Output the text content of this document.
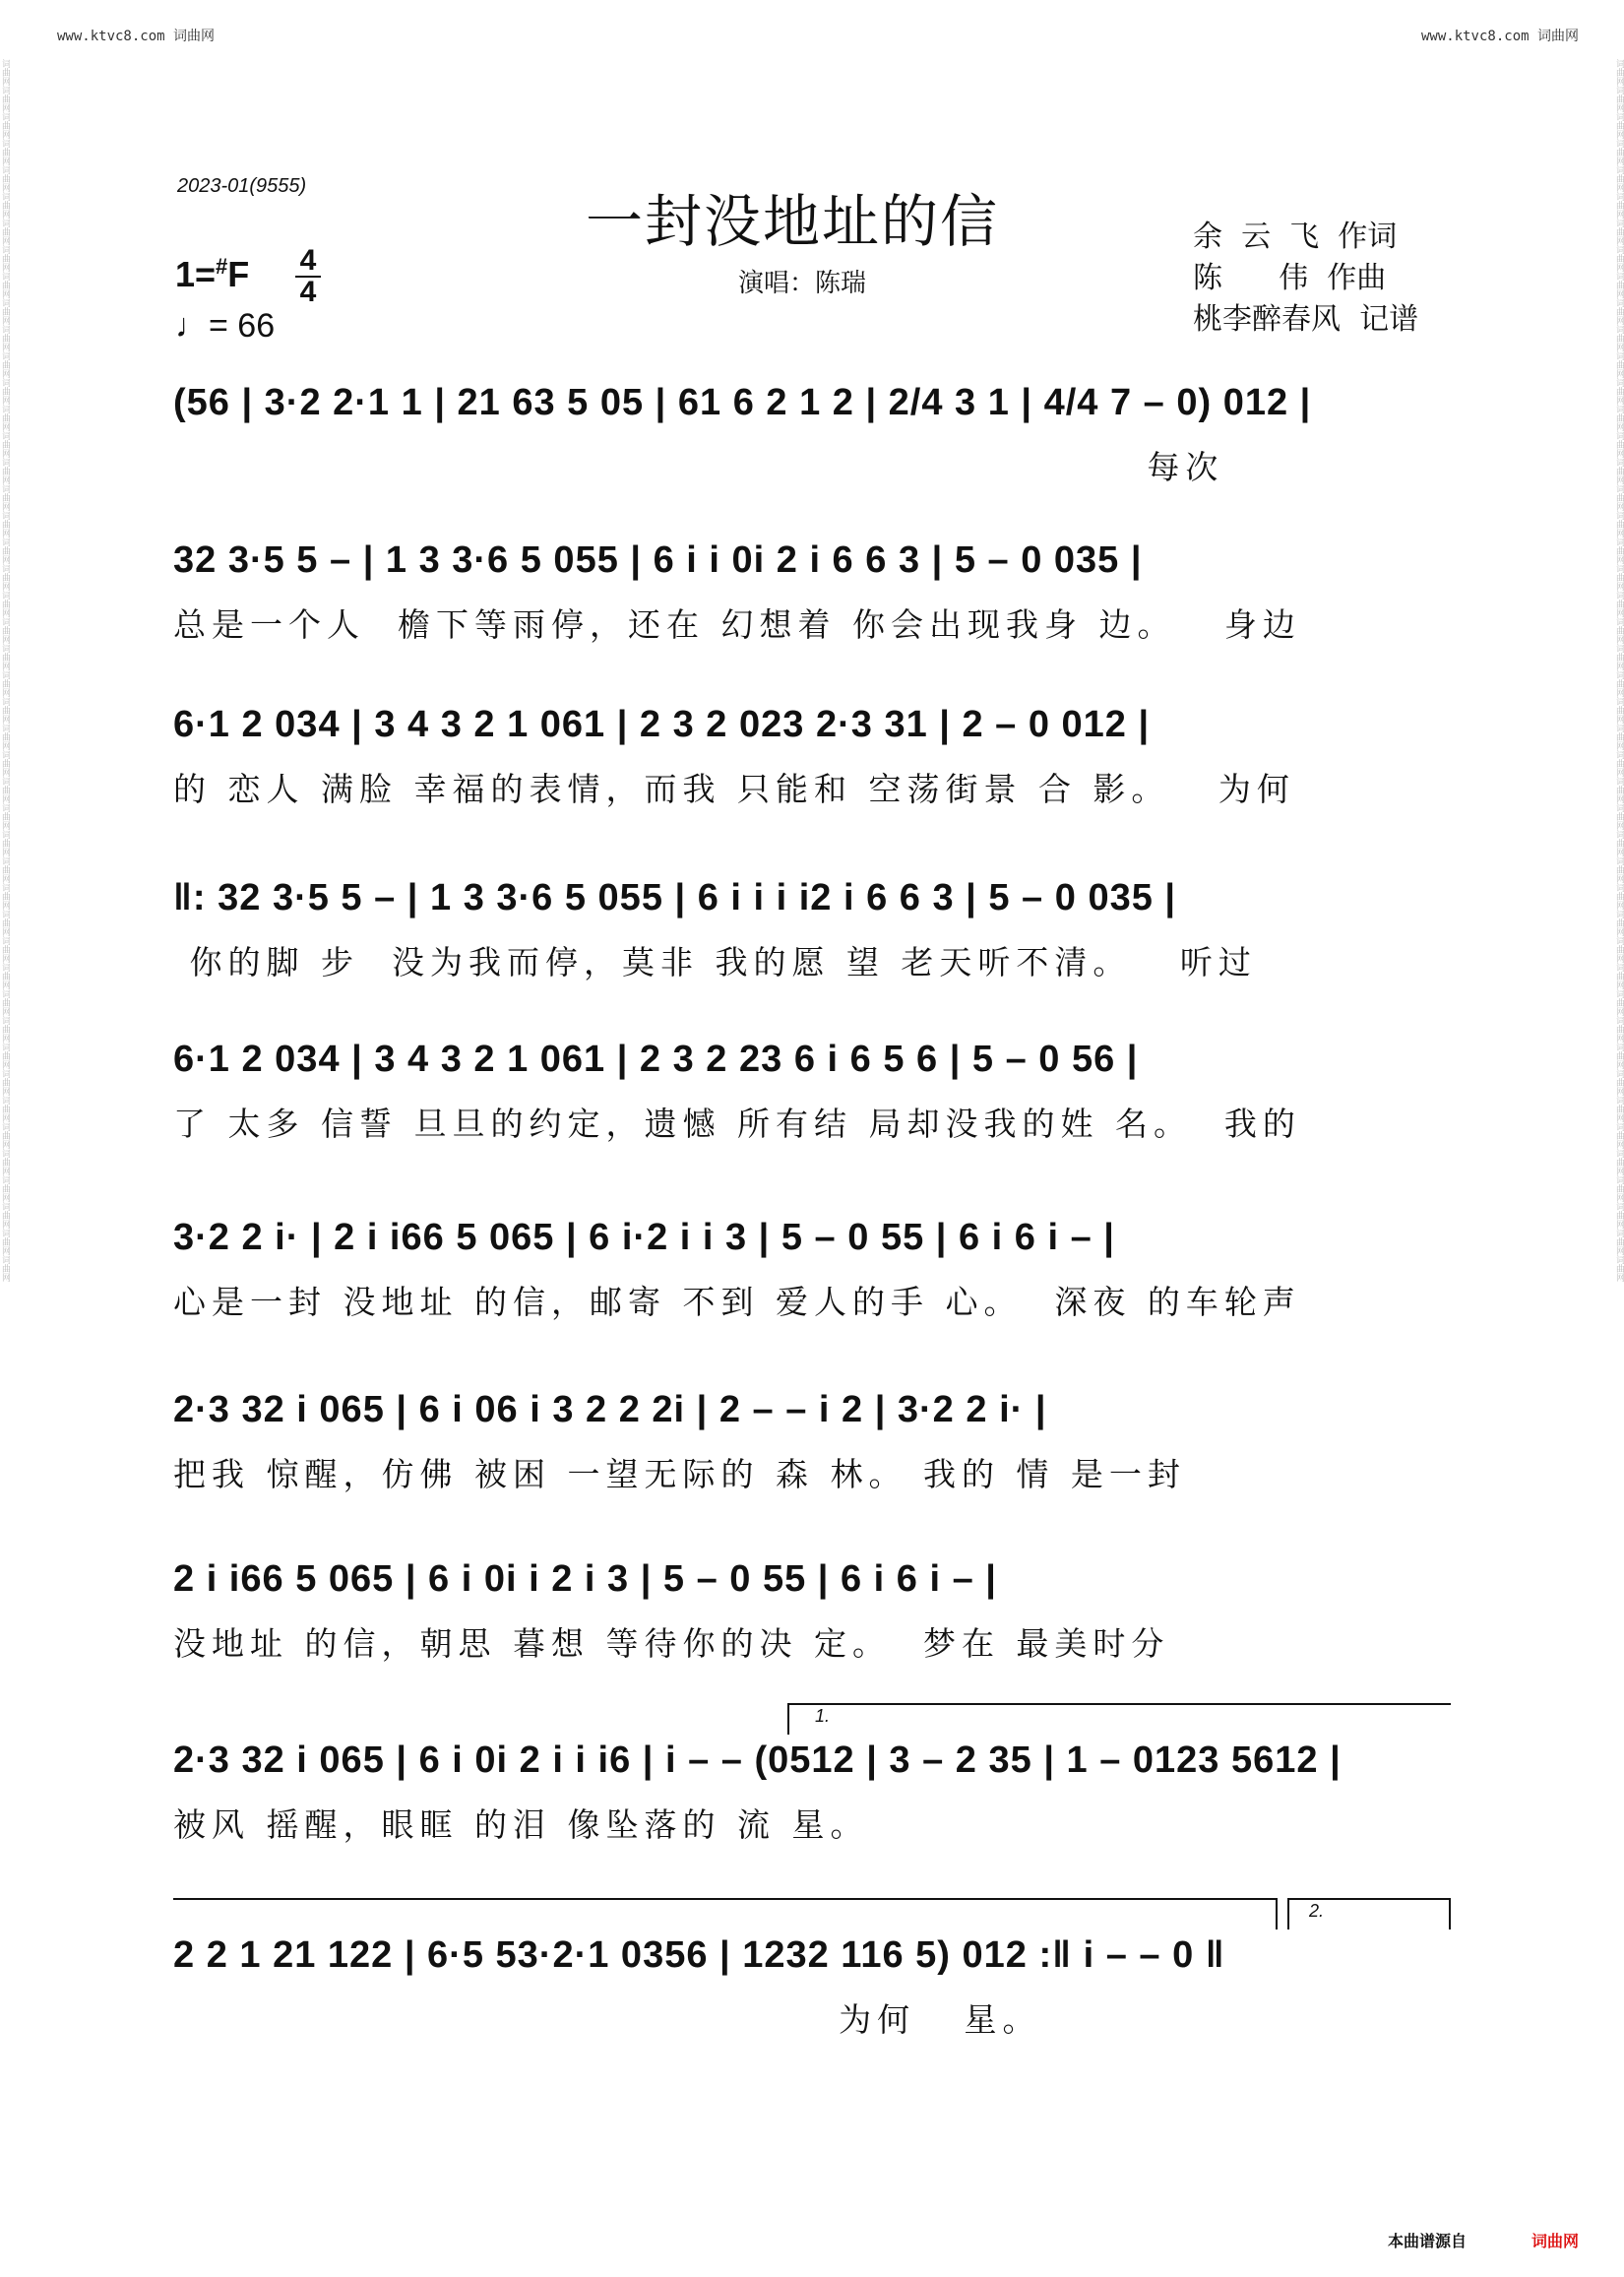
www.ktvc8.com 词曲网	www.ktvc8.com 词曲网
词曲网词曲网词曲网词曲网词曲网词曲网词曲网词曲网词曲网词曲网词曲网词曲网词曲网词曲网词曲网词曲网词曲网词曲网词曲网词曲网词曲网词曲网词曲网词曲网词曲网词曲网词曲网词曲网词曲网词曲网词曲网词曲网词曲网词曲网词曲网词曲网词曲网词曲网词曲网词曲网词曲网词曲网词曲网词曲网词曲网词曲网	词曲网词曲网词曲网词曲网词曲网词曲网词曲网词曲网词曲网词曲网词曲网词曲网词曲网词曲网词曲网词曲网词曲网词曲网词曲网词曲网词曲网词曲网词曲网词曲网词曲网词曲网词曲网词曲网词曲网词曲网词曲网词曲网词曲网词曲网词曲网词曲网词曲网词曲网词曲网词曲网词曲网词曲网词曲网词曲网词曲网词曲网
2023-01(9555)
一封没地址的信
演唱：陈瑞
余  云  飞  作词
陈      伟  作曲
桃李醉春风  记谱
1=#F 4
4
♩= 66
(56 | 3·2 2·1 1 | 21 63 5 05 | 61 6 2 1 2 | 2/4 3 1 | 4/4 7 – 0) 012 |
每次
32 3·5 5 – | 1 3 3·6 5 055 | 6 i i 0i 2 i 6 6 3 | 5 – 0 035 |
总是一个人  檐下等雨停，还在 幻想着 你会出现我身 边。   身边
6·1 2 034 | 3 4 3 2 1 061 | 2 3 2 023 2·3 31 | 2 – 0 012 |
的 恋人 满脸 幸福的表情，而我 只能和 空荡街景 合 影。   为何
‖: 32 3·5 5 – | 1 3 3·6 5 055 | 6 i i i i2 i 6 6 3 | 5 – 0 035 |
你的脚 步  没为我而停，莫非 我的愿 望 老天听不清。   听过
6·1 2 034 | 3 4 3 2 1 061 | 2 3 2 23 6 i 6 5 6 | 5 – 0 56 |
了 太多 信誓 旦旦的约定，遗憾 所有结 局却没我的姓 名。  我的
3·2 2 i· | 2 i i66 5 065 | 6 i·2 i i 3 | 5 – 0 55 | 6 i 6 i – |
心是一封 没地址 的信，邮寄 不到 爱人的手 心。  深夜 的车轮声
2·3 32 i 065 | 6 i 06 i 3 2 2 2i | 2 – – i 2 | 3·2 2 i· |
把我 惊醒，仿佛 被困 一望无际的 森 林。 我的 情 是一封
2 i i66 5 065 | 6 i 0i i 2 i 3 | 5 – 0 55 | 6 i 6 i – |
没地址 的信，朝思 暮想 等待你的决 定。  梦在 最美时分
1.
2·3 32 i 065 | 6 i 0i 2 i i i6 | i – – (0512 | 3 – 2 35 | 1 – 0123 5612 |
被风 摇醒，眼眶 的泪 像坠落的 流 星。
2.
2 2 1 21 122 | 6·5 53·2·1 0356 | 1232 116 5) 012 :‖ i – – 0 ‖
为何   星。
本曲谱源自	词曲网
